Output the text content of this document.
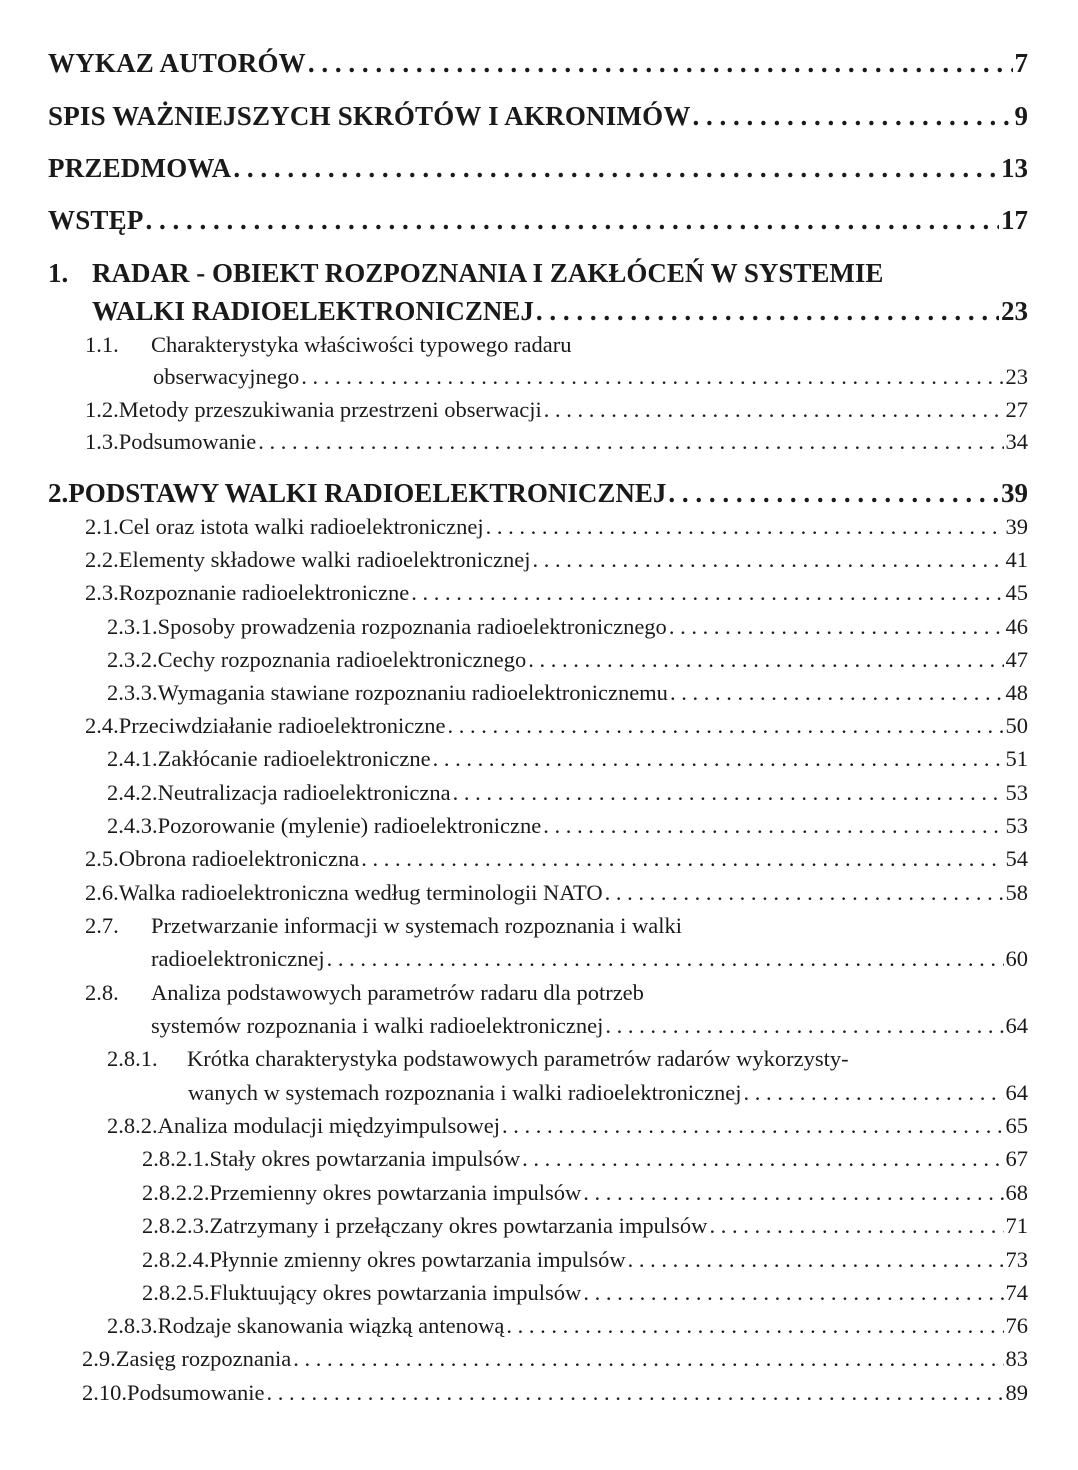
WYKAZ AUTORÓW . . .	7
SPIS WAŻNIEJSZYCH SKRÓTÓW I AKRONIMÓW . . .	9
PRZEDMOWA . . .	13
WSTĘP . . .	17
1. RADAR - OBIEKT ROZPOZNANIA I ZAKŁÓCEŃ W SYSTEMIE
WALKI RADIOELEKTRONICZNEJ . . .	23
1.1.	Charakterystyka właściwości typowego radaru
obserwacyjnego . . .	23
1.2. Metody przeszukiwania przestrzeni obserwacji . . .	27
1.3. Podsumowanie . . .	34
2. PODSTAWY WALKI RADIOELEKTRONICZNEJ . . .	39
2.1. Cel oraz istota walki radioelektronicznej . . .	39
2.2. Elementy składowe walki radioelektronicznej . . .	41
2.3. Rozpoznanie radioelektroniczne . . .	45
2.3.1. Sposoby prowadzenia rozpoznania radioelektronicznego . . .	46
2.3.2. Cechy rozpoznania radioelektronicznego . . .	47
2.3.3. Wymagania stawiane rozpoznaniu radioelektronicznemu . . .	48
2.4. Przeciwdziałanie radioelektroniczne . . .	50
2.4.1. Zakłócanie radioelektroniczne . . .	51
2.4.2. Neutralizacja radioelektroniczna . . .	53
2.4.3. Pozorowanie (mylenie) radioelektroniczne . . .	53
2.5. Obrona radioelektroniczna . . .	54
2.6. Walka radioelektroniczna według terminologii NATO . . .	58
2.7.	Przetwarzanie informacji w systemach rozpoznania i walki
radioelektronicznej . . .	60
2.8.	Analiza podstawowych parametrów radaru dla potrzeb
systemów rozpoznania i walki radioelektronicznej . . .	64
2.8.1.	Krótka charakterystyka podstawowych parametrów radarów wykorzysty-
wanych w systemach rozpoznania i walki radioelektronicznej . . .	64
2.8.2. Analiza modulacji międzyimpulsowej . . .	65
2.8.2.1. Stały okres powtarzania impulsów . . .	67
2.8.2.2. Przemienny okres powtarzania impulsów . . .	68
2.8.2.3. Zatrzymany i przełączany okres powtarzania impulsów . . .	71
2.8.2.4. Płynnie zmienny okres powtarzania impulsów . . .	73
2.8.2.5. Fluktuujący okres powtarzania impulsów . . .	74
2.8.3. Rodzaje skanowania wiązką antenową . . .	76
2.9. Zasięg rozpoznania . . .	83
2.10. Podsumowanie . . .	89
